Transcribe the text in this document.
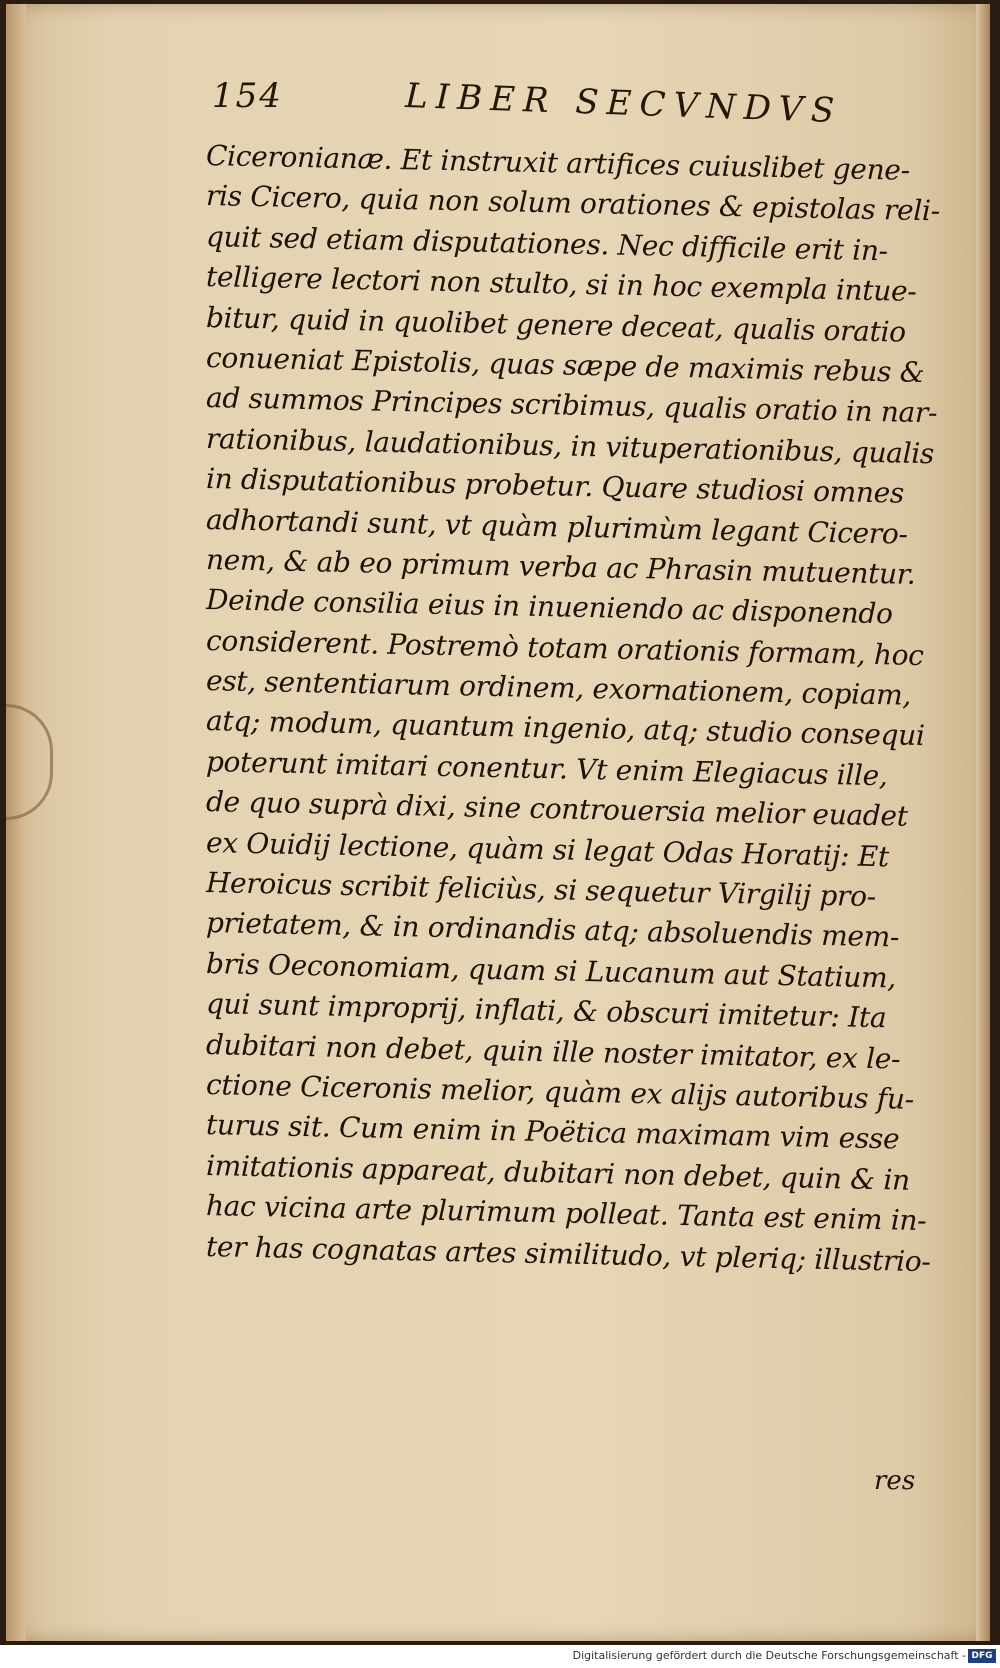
154	LIBER SECVNDVS
Ciceronianæ. Et instruxit artifices cuiuslibet gene-
ris Cicero, quia non solum orationes & epistolas reli-
quit sed etiam disputationes. Nec difficile erit in-
telligere lectori non stulto, si in hoc exempla intue-
bitur, quid in quolibet genere deceat, qualis oratio
conueniat Epistolis, quas sæpe de maximis rebus &
ad summos Principes scribimus, qualis oratio in nar-
rationibus, laudationibus, in vituperationibus, qualis
in disputationibus probetur. Quare studiosi omnes
adhortandi sunt, vt quàm plurimùm legant Cicero-
nem, & ab eo primum verba ac Phrasin mutuentur.
Deinde consilia eius in inueniendo ac disponendo
considerent. Postremò totam orationis formam, hoc
est, sententiarum ordinem, exornationem, copiam,
atq; modum, quantum ingenio, atq; studio consequi
poterunt imitari conentur. Vt enim Elegiacus ille,
de quo suprà dixi, sine controuersia melior euadet
ex Ouidij lectione, quàm si legat Odas Horatij: Et
Heroicus scribit feliciùs, si sequetur Virgilij pro-
prietatem, & in ordinandis atq; absoluendis mem-
bris Oeconomiam, quam si Lucanum aut Statium,
qui sunt improprij, inflati, & obscuri imitetur: Ita
dubitari non debet, quin ille noster imitator, ex le-
ctione Ciceronis melior, quàm ex alijs autoribus fu-
turus sit. Cum enim in Poëtica maximam vim esse
imitationis appareat, dubitari non debet, quin & in
hac vicina arte plurimum polleat. Tanta est enim in-
ter has cognatas artes similitudo, vt pleriq; illustrio-
res
Digitalisierung gefördert durch die Deutsche Forschungsgemeinschaft - DFG
